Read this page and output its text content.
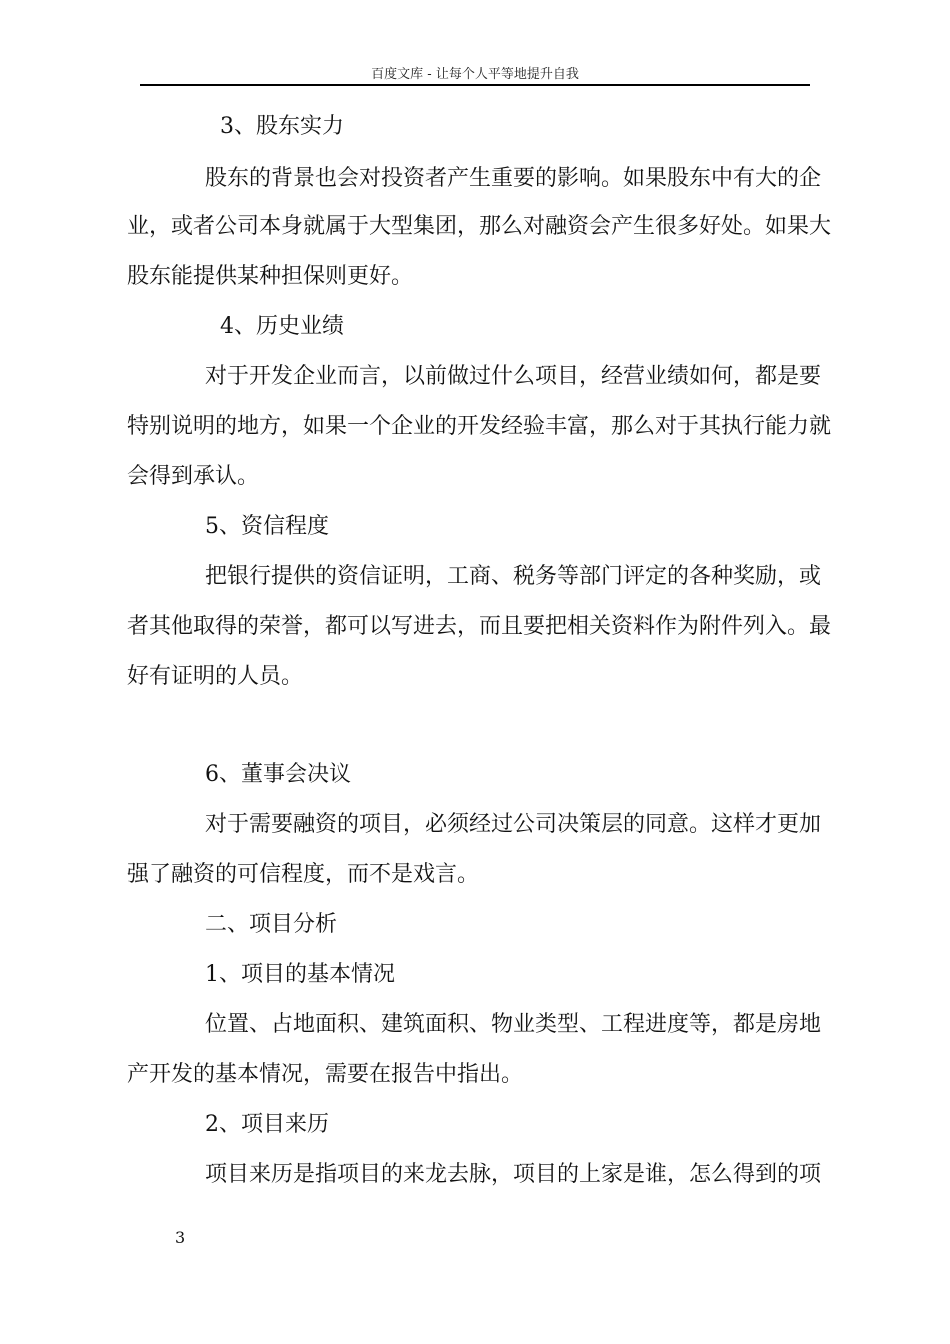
百度文库 - 让每个人平等地提升自我
3、股东实力
股东的背景也会对投资者产生重要的影响。如果股东中有大的企
业，或者公司本身就属于大型集团，那么对融资会产生很多好处。如果大
股东能提供某种担保则更好。
4、历史业绩
对于开发企业而言，以前做过什么项目，经营业绩如何，都是要
特别说明的地方，如果一个企业的开发经验丰富，那么对于其执行能力就
会得到承认。
5、资信程度
把银行提供的资信证明，工商、税务等部门评定的各种奖励，或
者其他取得的荣誉，都可以写进去，而且要把相关资料作为附件列入。最
好有证明的人员。
6、董事会决议
对于需要融资的项目，必须经过公司决策层的同意。这样才更加
强了融资的可信程度，而不是戏言。
二、项目分析
1、项目的基本情况
位置、占地面积、建筑面积、物业类型、工程进度等，都是房地
产开发的基本情况，需要在报告中指出。
2、项目来历
项目来历是指项目的来龙去脉，项目的上家是谁，怎么得到的项
3
